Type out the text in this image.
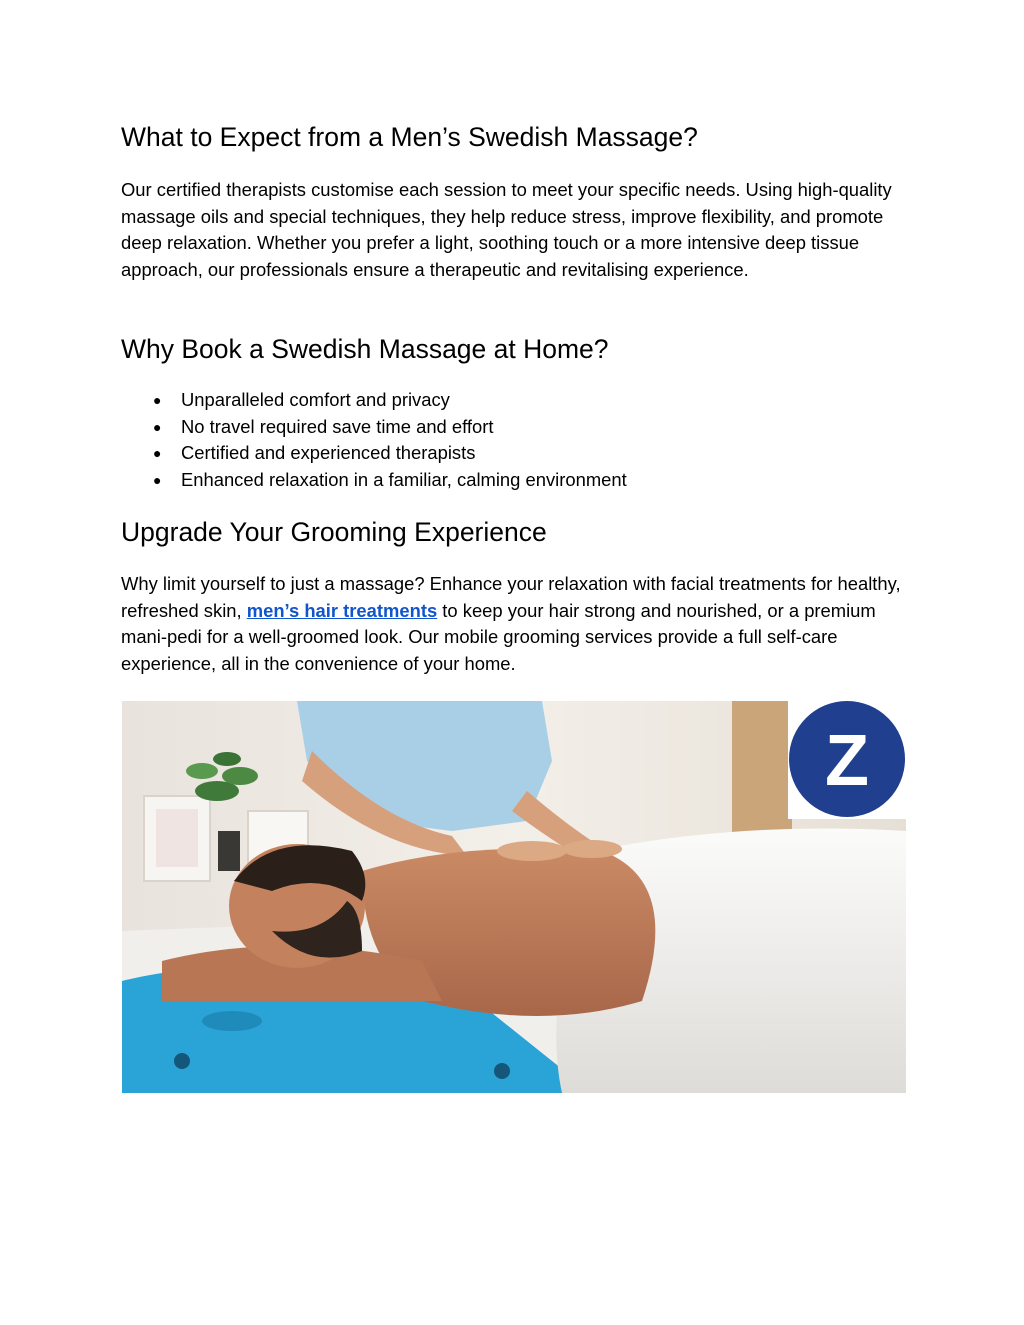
What to Expect from a Men’s Swedish Massage?

Our certified therapists customise each session to meet your specific needs. Using high-quality massage oils and special techniques, they help reduce stress, improve flexibility, and promote deep relaxation. Whether you prefer a light, soothing touch or a more intensive deep tissue approach, our professionals ensure a therapeutic and revitalising experience.

Why Book a Swedish Massage at Home?
● Unparalleled comfort and privacy
● No travel required save time and effort
● Certified and experienced therapists
● Enhanced relaxation in a familiar, calming environment
Upgrade Your Grooming Experience

Why limit yourself to just a massage? Enhance your relaxation with facial treatments for healthy, refreshed skin, men’s hair treatments to keep your hair strong and nourished, or a premium mani-pedi for a well-groomed look. Our mobile grooming services provide a full self-care experience, all in the convenience of your home.

Z
